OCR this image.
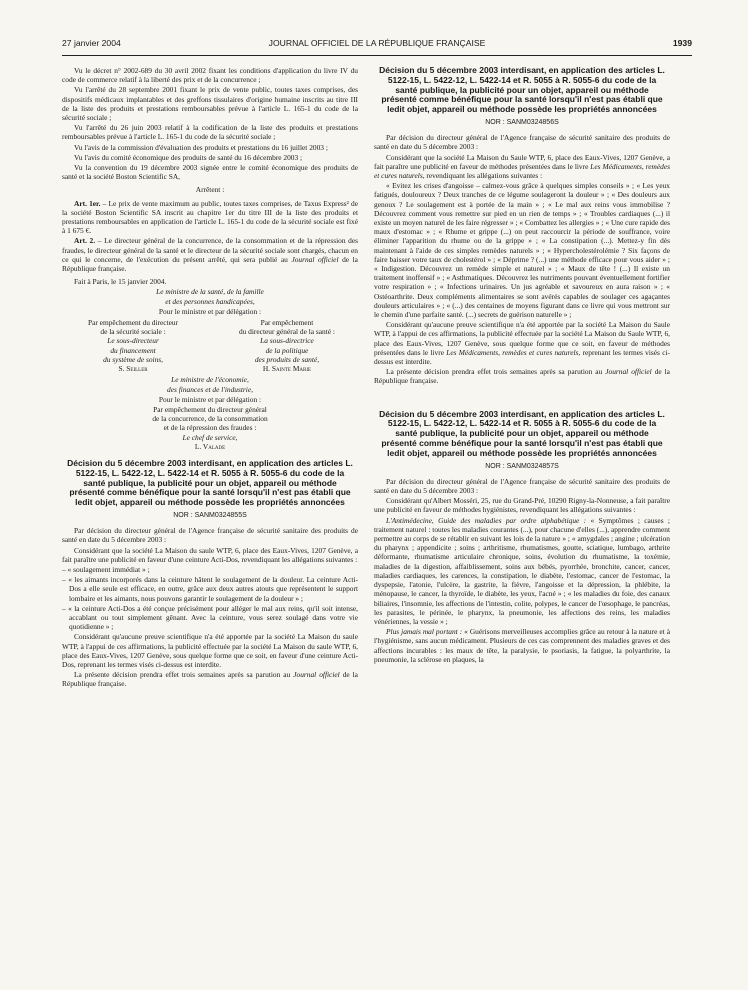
27 janvier 2004	JOURNAL OFFICIEL DE LA RÉPUBLIQUE FRANÇAISE	1939

Vu le décret n° 2002-689 du 30 avril 2002 fixant les conditions d'application du livre IV du code de commerce relatif à la liberté des prix et de la concurrence ;

Vu l'arrêté du 28 septembre 2001 fixant le prix de vente public, toutes taxes comprises, des dispositifs médicaux implantables et des greffons tissulaires d'origine humaine inscrits au titre III de la liste des produits et prestations remboursables prévue à l'article L. 165-1 du code de la sécurité sociale ;

Vu l'arrêté du 26 juin 2003 relatif à la codification de la liste des produits et prestations remboursables prévue à l'article L. 165-1 du code de la sécurité sociale ;

Vu l'avis de la commission d'évaluation des produits et prestations du 16 juillet 2003 ;

Vu l'avis du comité économique des produits de santé du 16 décembre 2003 ;

Vu la convention du 19 décembre 2003 signée entre le comité économique des produits de santé et la société Boston Scientific SA,

Arrêtent :

Art. 1er. – Le prix de vente maximum au public, toutes taxes comprises, de Taxus Express² de la société Boston Scientific SA inscrit au chapitre 1er du titre III de la liste des produits et prestations remboursables en application de l'article L. 165-1 du code de la sécurité sociale est fixé à 1 675 €.

Art. 2. – Le directeur général de la concurrence, de la consommation et de la répression des fraudes, le directeur général de la santé et le directeur de la sécurité sociale sont chargés, chacun en ce qui le concerne, de l'exécution du présent arrêté, qui sera publié au Journal officiel de la République française.

Fait à Paris, le 15 janvier 2004.

Le ministre de la santé, de la famille
et des personnes handicapées,
Pour le ministre et par délégation :
Par empêchement du directeur
de la sécurité sociale :
Le sous-directeur
du financement
du système de soins,
S. Seiller
Par empêchement
du directeur général de la santé :
La sous-directrice
de la politique
des produits de santé,
H. Sainte Marie
Le ministre de l'économie,
des finances et de l'industrie,
Pour le ministre et par délégation :
Par empêchement du directeur général
de la concurrence, de la consommation
et de la répression des fraudes :
Le chef de service,
L. Valade
Décision du 5 décembre 2003 interdisant, en application des articles L. 5122-15, L. 5422-12, L. 5422-14 et R. 5055 à R. 5055-6 du code de la santé publique, la publicité pour un objet, appareil ou méthode présenté comme bénéfique pour la santé lorsqu'il n'est pas établi que ledit objet, appareil ou méthode possède les propriétés annoncées
NOR : SANM0324855S

Par décision du directeur général de l'Agence française de sécurité sanitaire des produits de santé en date du 5 décembre 2003 :

Considérant que la société La Maison du saule WTP, 6, place des Eaux-Vives, 1207 Genève, a fait paraître une publicité en faveur d'une ceinture Acti-Dos, revendiquant les allégations suivantes :

– « soulagement immédiat » ;

– « les aimants incorporés dans la ceinture hâtent le soulagement de la douleur. La ceinture Acti-Dos a elle seule est efficace, en outre, grâce aux deux autres atouts que représentent le support lombaire et les aimants, nous pouvons garantir le soulagement de la douleur » ;

– « la ceinture Acti-Dos a été conçue précisément pour alléger le mal aux reins, qu'il soit intense, accablant ou tout simplement gênant. Avec la ceinture, vous serez soulagé dans votre vie quotidienne » ;

Considérant qu'aucune preuve scientifique n'a été apportée par la société La Maison du saule WTP, à l'appui de ces affirmations, la publicité effectuée par la société La Maison du saule WTP, 6, place des Eaux-Vives, 1207 Genève, sous quelque forme que ce soit, en faveur d'une ceinture Acti-Dos, reprenant les termes visés ci-dessus est interdite.

La présente décision prendra effet trois semaines après sa parution au Journal officiel de la République française.

Décision du 5 décembre 2003 interdisant, en application des articles L. 5122-15, L. 5422-12, L. 5422-14 et R. 5055 à R. 5055-6 du code de la santé publique, la publicité pour un objet, appareil ou méthode présenté comme bénéfique pour la santé lorsqu'il n'est pas établi que ledit objet, appareil ou méthode possède les propriétés annoncées
NOR : SANM0324856S

Par décision du directeur général de l'Agence française de sécurité sanitaire des produits de santé en date du 5 décembre 2003 :

Considérant que la société La Maison du Saule WTP, 6, place des Eaux-Vives, 1207 Genève, a fait paraître une publicité en faveur de méthodes présentées dans le livre Les Médicaments, remèdes et cures naturels, revendiquant les allégations suivantes :

« Evitez les crises d'angoisse – calmez-vous grâce à quelques simples conseils » ; « Les yeux fatigués, douloureux ? Deux tranches de ce légume soulageront la douleur » ; « Des douleurs aux genoux ? Le soulagement est à portée de la main » ; « Le mal aux reins vous immobilise ? Découvrez comment vous remettre sur pied en un rien de temps » ; « Troubles cardiaques (...) il existe un moyen naturel de les faire régresser » ; « Combattez les allergies » ; « Une cure rapide des maux d'estomac » ; « Rhume et grippe (...) on peut raccourcir la période de souffrance, voire éliminer l'apparition du rhume ou de la grippe » ; « La constipation (...). Mettez-y fin dès maintenant à l'aide de ces simples remèdes naturels » ; « Hypercholestérolémie ? Six façons de faire baisser votre taux de cholestérol » ; « Déprime ? (...) une méthode efficace pour vous aider » ; « Indigestion. Découvrez un remède simple et naturel » ; « Maux de tête ! (...) Il existe un traitement inoffensif » ; « Asthmatiques. Découvrez les nutriments pouvant éventuellement fortifier votre respiration » ; « Infections urinaires. Un jus agréable et savoureux en aura raison » ; « Ostéoarthrite. Deux compléments alimentaires se sont avérés capables de soulager ces agaçantes douleurs articulaires » ; « (...) des centaines de moyens figurant dans ce livre qui vous mettront sur le chemin d'une parfaite santé. (...) secrets de guérison naturelle » ;

Considérant qu'aucune preuve scientifique n'a été apportée par la société La Maison du Saule WTP, à l'appui de ces affirmations, la publicité effectuée par la société La Maison du Saule WTP, 6, place des Eaux-Vives, 1207 Genève, sous quelque forme que ce soit, en faveur de méthodes présentées dans le livre Les Médicaments, remèdes et cures naturels, reprenant les termes visés ci-dessus est interdite.

La présente décision prendra effet trois semaines après sa parution au Journal officiel de la République française.

Décision du 5 décembre 2003 interdisant, en application des articles L. 5122-15, L. 5422-12, L. 5422-14 et R. 5055 à R. 5055-6 du code de la santé publique, la publicité pour un objet, appareil ou méthode présenté comme bénéfique pour la santé lorsqu'il n'est pas établi que ledit objet, appareil ou méthode possède les propriétés annoncées
NOR : SANM0324857S

Par décision du directeur général de l'Agence française de sécurité sanitaire des produits de santé en date du 5 décembre 2003 :

Considérant qu'Albert Mosséri, 25, rue du Grand-Pré, 10290 Rigny-la-Nonneuse, a fait paraître une publicité en faveur de méthodes hygiénistes, revendiquant les allégations suivantes :

L'Antimédecine, Guide des maladies par ordre alphabétique : « Symptômes ; causes ; traitement naturel : toutes les maladies courantes (...), pour chacune d'elles (...), apprendre comment permettre au corps de se rétablir en suivant les lois de la nature » ; « amygdales ; angine ; ulcération du pharynx ; appendicite ; soins ; arthritisme, rhumatismes, goutte, sciatique, lumbago, arthrite déformante, rhumatisme articulaire chronique, soins, évolution du rhumatisme, la toxémie, maladies de la digestion, affaiblissement, soins aux bébés, pyorrhée, bronchite, cancer, cancer, maladies cardiaques, les carences, la constipation, le diabète, l'estomac, cancer de l'estomac, la dyspepsie, l'atonie, l'ulcère, la gastrite, la fièvre, l'angoisse et la dépression, la phlébite, la ménopause, le cancer, la thyroïde, le diabète, les yeux, l'acné » ; « les maladies du foie, des canaux biliaires, l'insomnie, les affections de l'intestin, colite, polypes, le cancer de l'œsophage, le pancréas, les parasites, le périnée, le pharynx, la pneumonie, les affections des reins, les maladies vénériennes, la vessie » ;

Plus jamais mal portant : « Guérisons merveilleuses accomplies grâce au retour à la nature et à l'hygiénisme, sans aucun médicament. Plusieurs de ces cas comprennent des maladies graves et des affections incurables : les maux de tête, la paralysie, le psoriasis, la fatigue, la polyarthrite, la pneumonie, la sclérose en plaques, la
